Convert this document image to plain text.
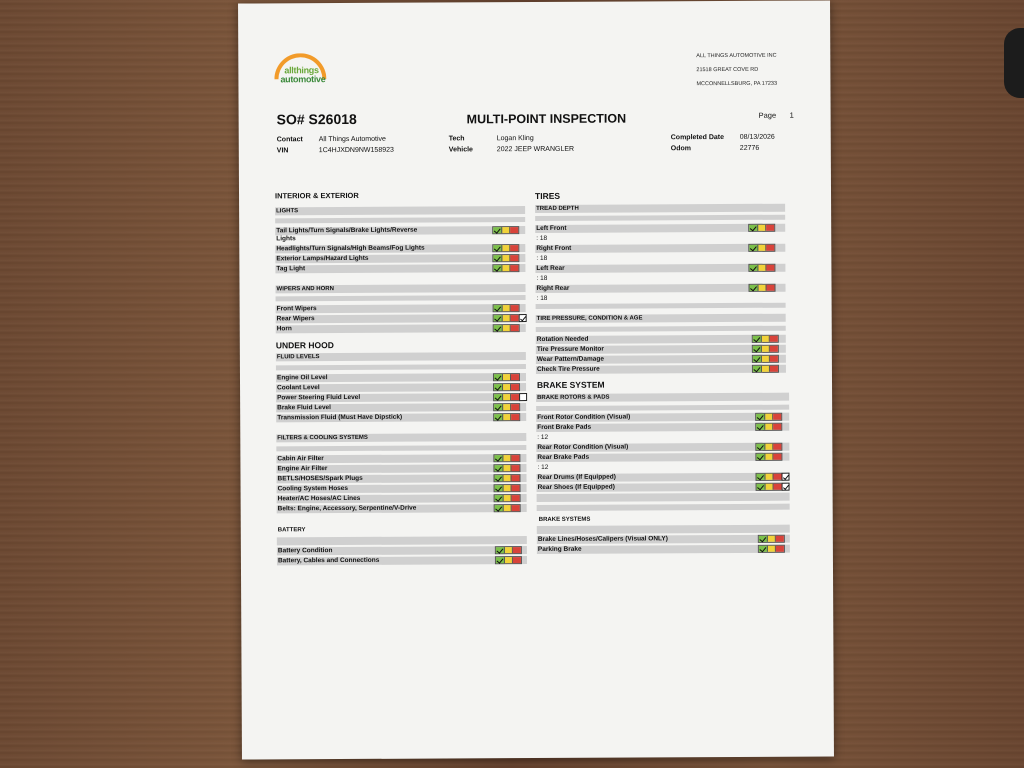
allthings
automotive
ALL THINGS AUTOMOTIVE INC
21518 GREAT COVE RD
MCCONNELLSBURG, PA 17233
SO# S26018	MULTI-POINT INSPECTION	Page 1
Contact All Things Automotive
VIN	1C4HJXDN9NW158923
Tech	Logan Kling
Vehicle	2022 JEEP WRANGLER
Completed Date 08/13/2026
Odom	22776
INTERIOR & EXTERIOR
LIGHTS
Tail Lights/Turn Signals/Brake Lights/Reverse
Lights
Headlights/Turn Signals/High Beams/Fog Lights
Exterior Lamps/Hazard Lights
Tag Light
WIPERS AND HORN
Front Wipers
Rear Wipers
Horn
UNDER HOOD
FLUID LEVELS
Engine Oil Level
Coolant Level
Power Steering Fluid Level
Brake Fluid Level
Transmission Fluid (Must Have Dipstick)
FILTERS & COOLING SYSTEMS
Cabin Air Filter
Engine Air Filter
BETLS/HOSES/Spark Plugs
Cooling System Hoses
Heater/AC Hoses/AC Lines
Belts: Engine, Accessory, Serpentine/V-Drive
BATTERY
Battery Condition
Battery, Cables and Connections
TIRES
TREAD DEPTH
Left Front
: 18
Right Front
: 18
Left Rear
: 18
Right Rear
: 18
TIRE PRESSURE, CONDITION & AGE
Rotation Needed
Tire Pressure Monitor
Wear Pattern/Damage
Check Tire Pressure
BRAKE SYSTEM
BRAKE ROTORS & PADS
Front Rotor Condition (Visual)
Front Brake Pads
: 12
Rear Rotor Condition (Visual)
Rear Brake Pads
: 12
Rear Drums (If Equipped)
Rear Shoes (If Equipped)
BRAKE SYSTEMS
Brake Lines/Hoses/Calipers (Visual ONLY)
Parking Brake
